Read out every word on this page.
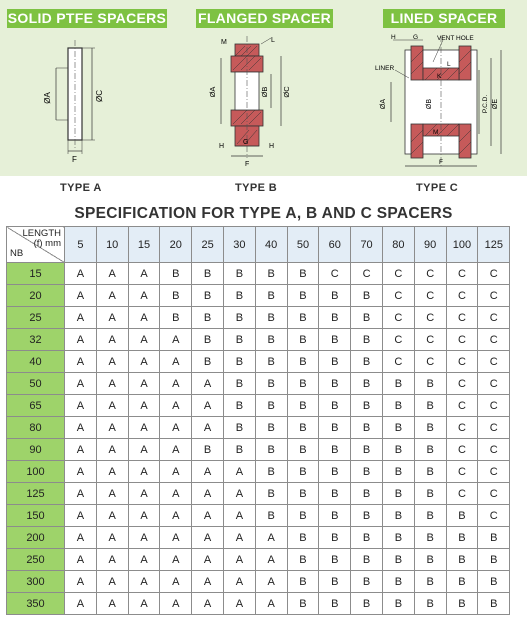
SOLID PTFE SPACERS FLANGED SPACER	LINED SPACER
ØA	ØC
F
M	L
ØA	ØB ØC
H
G
H
F
H	G	VENT HOLE
LINER
L
K
ØA	ØB	P.C.D. ØE
M
F
TYPE A	TYPE B	TYPE C
SPECIFICATION FOR TYPE A, B AND C SPACERS
LENGTH
(f) mm
NB	5	10	15	20	25	30	40	50	60	70	80	90	100	125
15	A	A	A	B	B	B	B	B	C	C	C	C	C	C
20	A	A	A	B	B	B	B	B	B	B	C	C	C	C
25	A	A	A	B	B	B	B	B	B	B	C	C	C	C
32	A	A	A	A	B	B	B	B	B	B	C	C	C	C
40	A	A	A	A	B	B	B	B	B	B	C	C	C	C
50	A	A	A	A	A	B	B	B	B	B	B	B	C	C
65	A	A	A	A	A	B	B	B	B	B	B	B	C	C
80	A	A	A	A	A	B	B	B	B	B	B	B	C	C
90	A	A	A	A	B	B	B	B	B	B	B	B	C	C
100	A	A	A	A	A	A	B	B	B	B	B	B	C	C
125	A	A	A	A	A	A	B	B	B	B	B	B	C	C
150	A	A	A	A	A	A	B	B	B	B	B	B	B	C
200	A	A	A	A	A	A	A	B	B	B	B	B	B	B
250	A	A	A	A	A	A	A	B	B	B	B	B	B	B
300	A	A	A	A	A	A	A	B	B	B	B	B	B	B
350	A	A	A	A	A	A	A	B	B	B	B	B	B	B
